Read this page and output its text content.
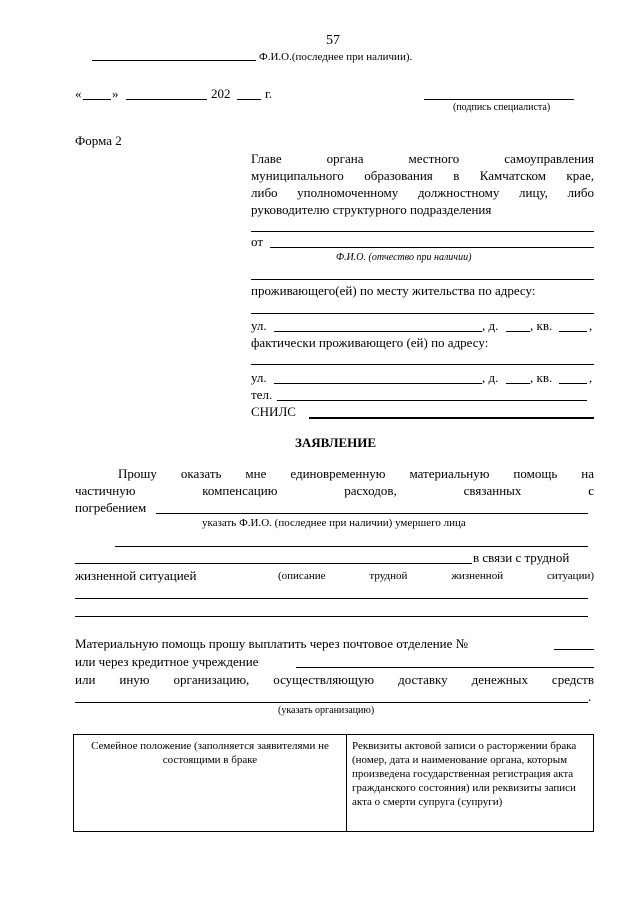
57
Ф.И.О.(последнее при наличии).
« »	202	г.
(подпись специалиста)
Форма 2
Главе органа местного самоуправления
муниципального образования в Камчатском крае,
либо уполномоченному должностному лицу, либо
руководителю структурного подразделения
от
Ф.И.О. (отчество при наличии)
проживающего(ей) по месту жительства по адресу:
ул.	, д. , кв.	,
фактически проживающего (ей) по адресу:
ул.	, д. , кв.	,
тел.
СНИЛС
ЗАЯВЛЕНИЕ
Прошу оказать мне единовременную материальную помощь на
частичную компенсацию расходов, связанных с
погребением
указать Ф.И.О. (последнее при наличии) умершего лица
в связи с трудной
жизненной ситуацией	(описание трудной жизненной ситуации)
Материальную помощь прошу выплатить через почтовое отделение №
или через кредитное учреждение
или иную организацию, осуществляющую доставку денежных средств
.
(указать организацию)
Семейное положение (заполняется заявителями не состоящими в браке	Реквизиты актовой записи о расторжении брака (номер, дата и наименование органа, которым произведена государственная регистрация акта гражданского состояния) или реквизиты записи акта о смерти супруга (супруги)
